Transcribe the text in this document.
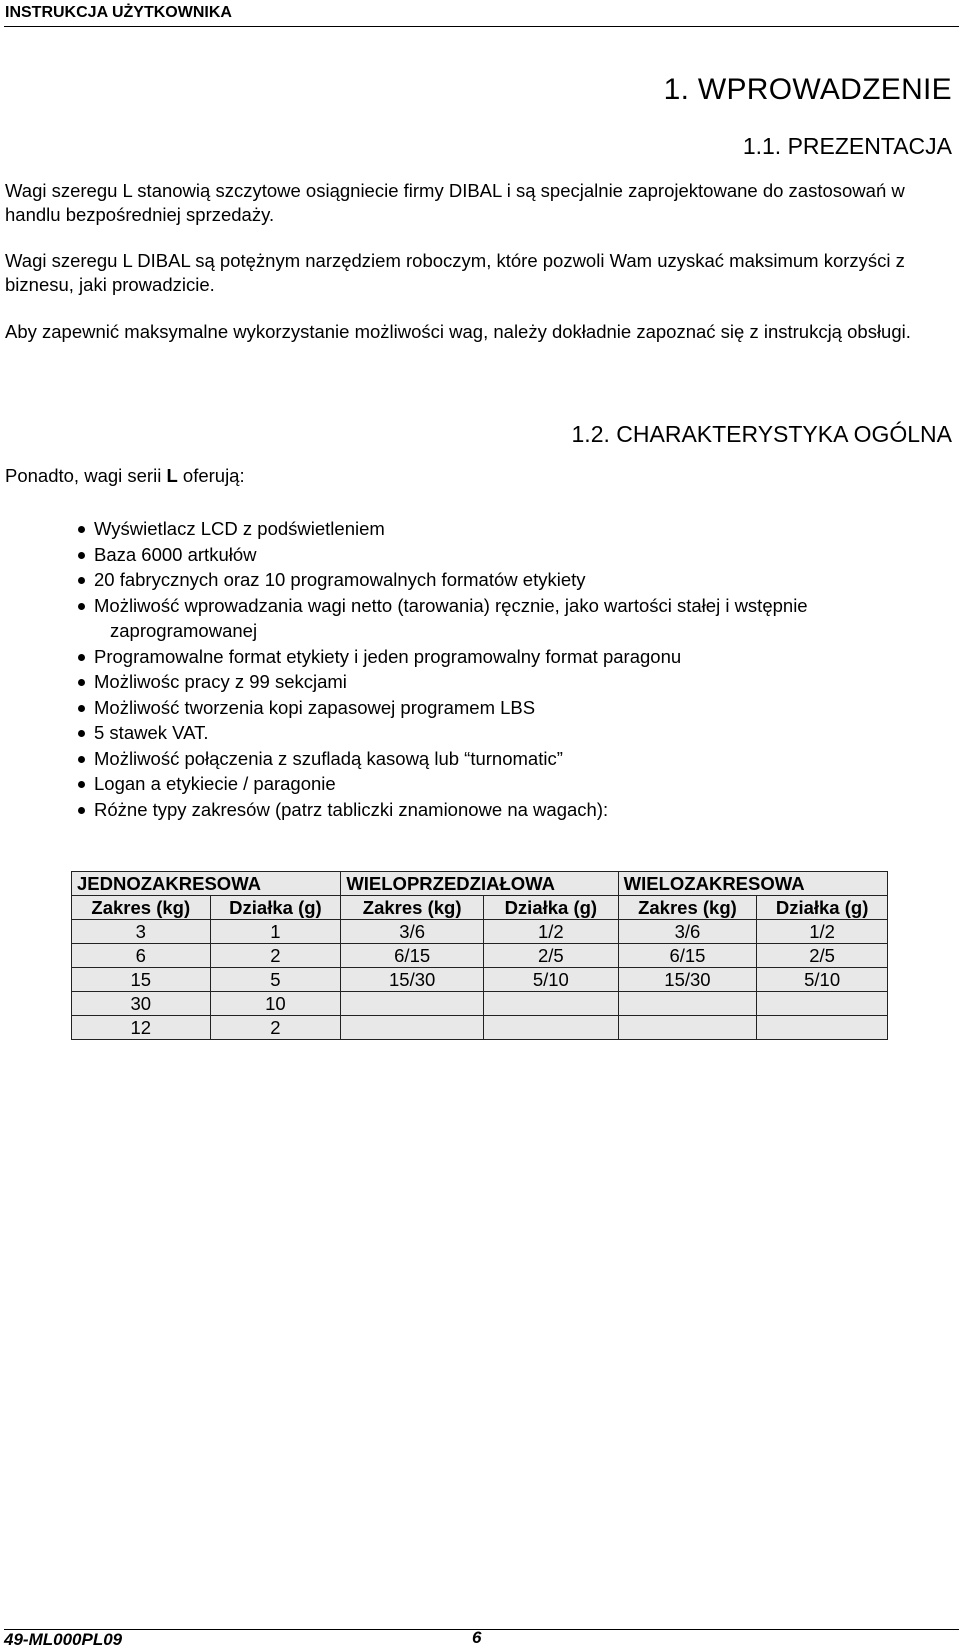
INSTRUKCJA UŻYTKOWNIKA
1. WPROWADZENIE
1.1. PREZENTACJA
Wagi szeregu L stanowią szczytowe osiągniecie firmy DIBAL i są specjalnie zaprojektowane do zastosowań w handlu bezpośredniej sprzedaży.
Wagi szeregu L DIBAL są potężnym narzędziem roboczym, które pozwoli Wam uzyskać maksimum korzyści z biznesu, jaki prowadzicie.
Aby zapewnić maksymalne wykorzystanie możliwości wag, należy dokładnie zapoznać się z instrukcją obsługi.
1.2. CHARAKTERYSTYKA OGÓLNA
Ponadto, wagi serii L oferują:
Wyświetlacz LCD z podświetleniem
Baza 6000 artkułów
20 fabrycznych oraz 10 programowalnych formatów etykiety
Możliwość wprowadzania wagi netto (tarowania) ręcznie, jako wartości stałej i wstępnie
zaprogramowanej
Programowalne format etykiety i jeden programowalny format paragonu
Możliwośc pracy z 99 sekcjami
Możliwość tworzenia kopi zapasowej programem LBS
5 stawek VAT.
Możliwość połączenia z szufladą kasową lub “turnomatic”
Logan a etykiecie / paragonie
Różne typy zakresów (patrz tabliczki znamionowe na wagach):
JEDNOZAKRESOWA		WIELOPRZEDZIAŁOWA		WIELOZAKRESOWA	
Zakres (kg)	Działka (g)	Zakres (kg)	Działka (g)	Zakres (kg)	Działka (g)
3	1	3/6	1/2	3/6	1/2
6	2	6/15	2/5	6/15	2/5
15	5	15/30	5/10	15/30	5/10
30	10				
12	2				
49-ML000PL09	6
